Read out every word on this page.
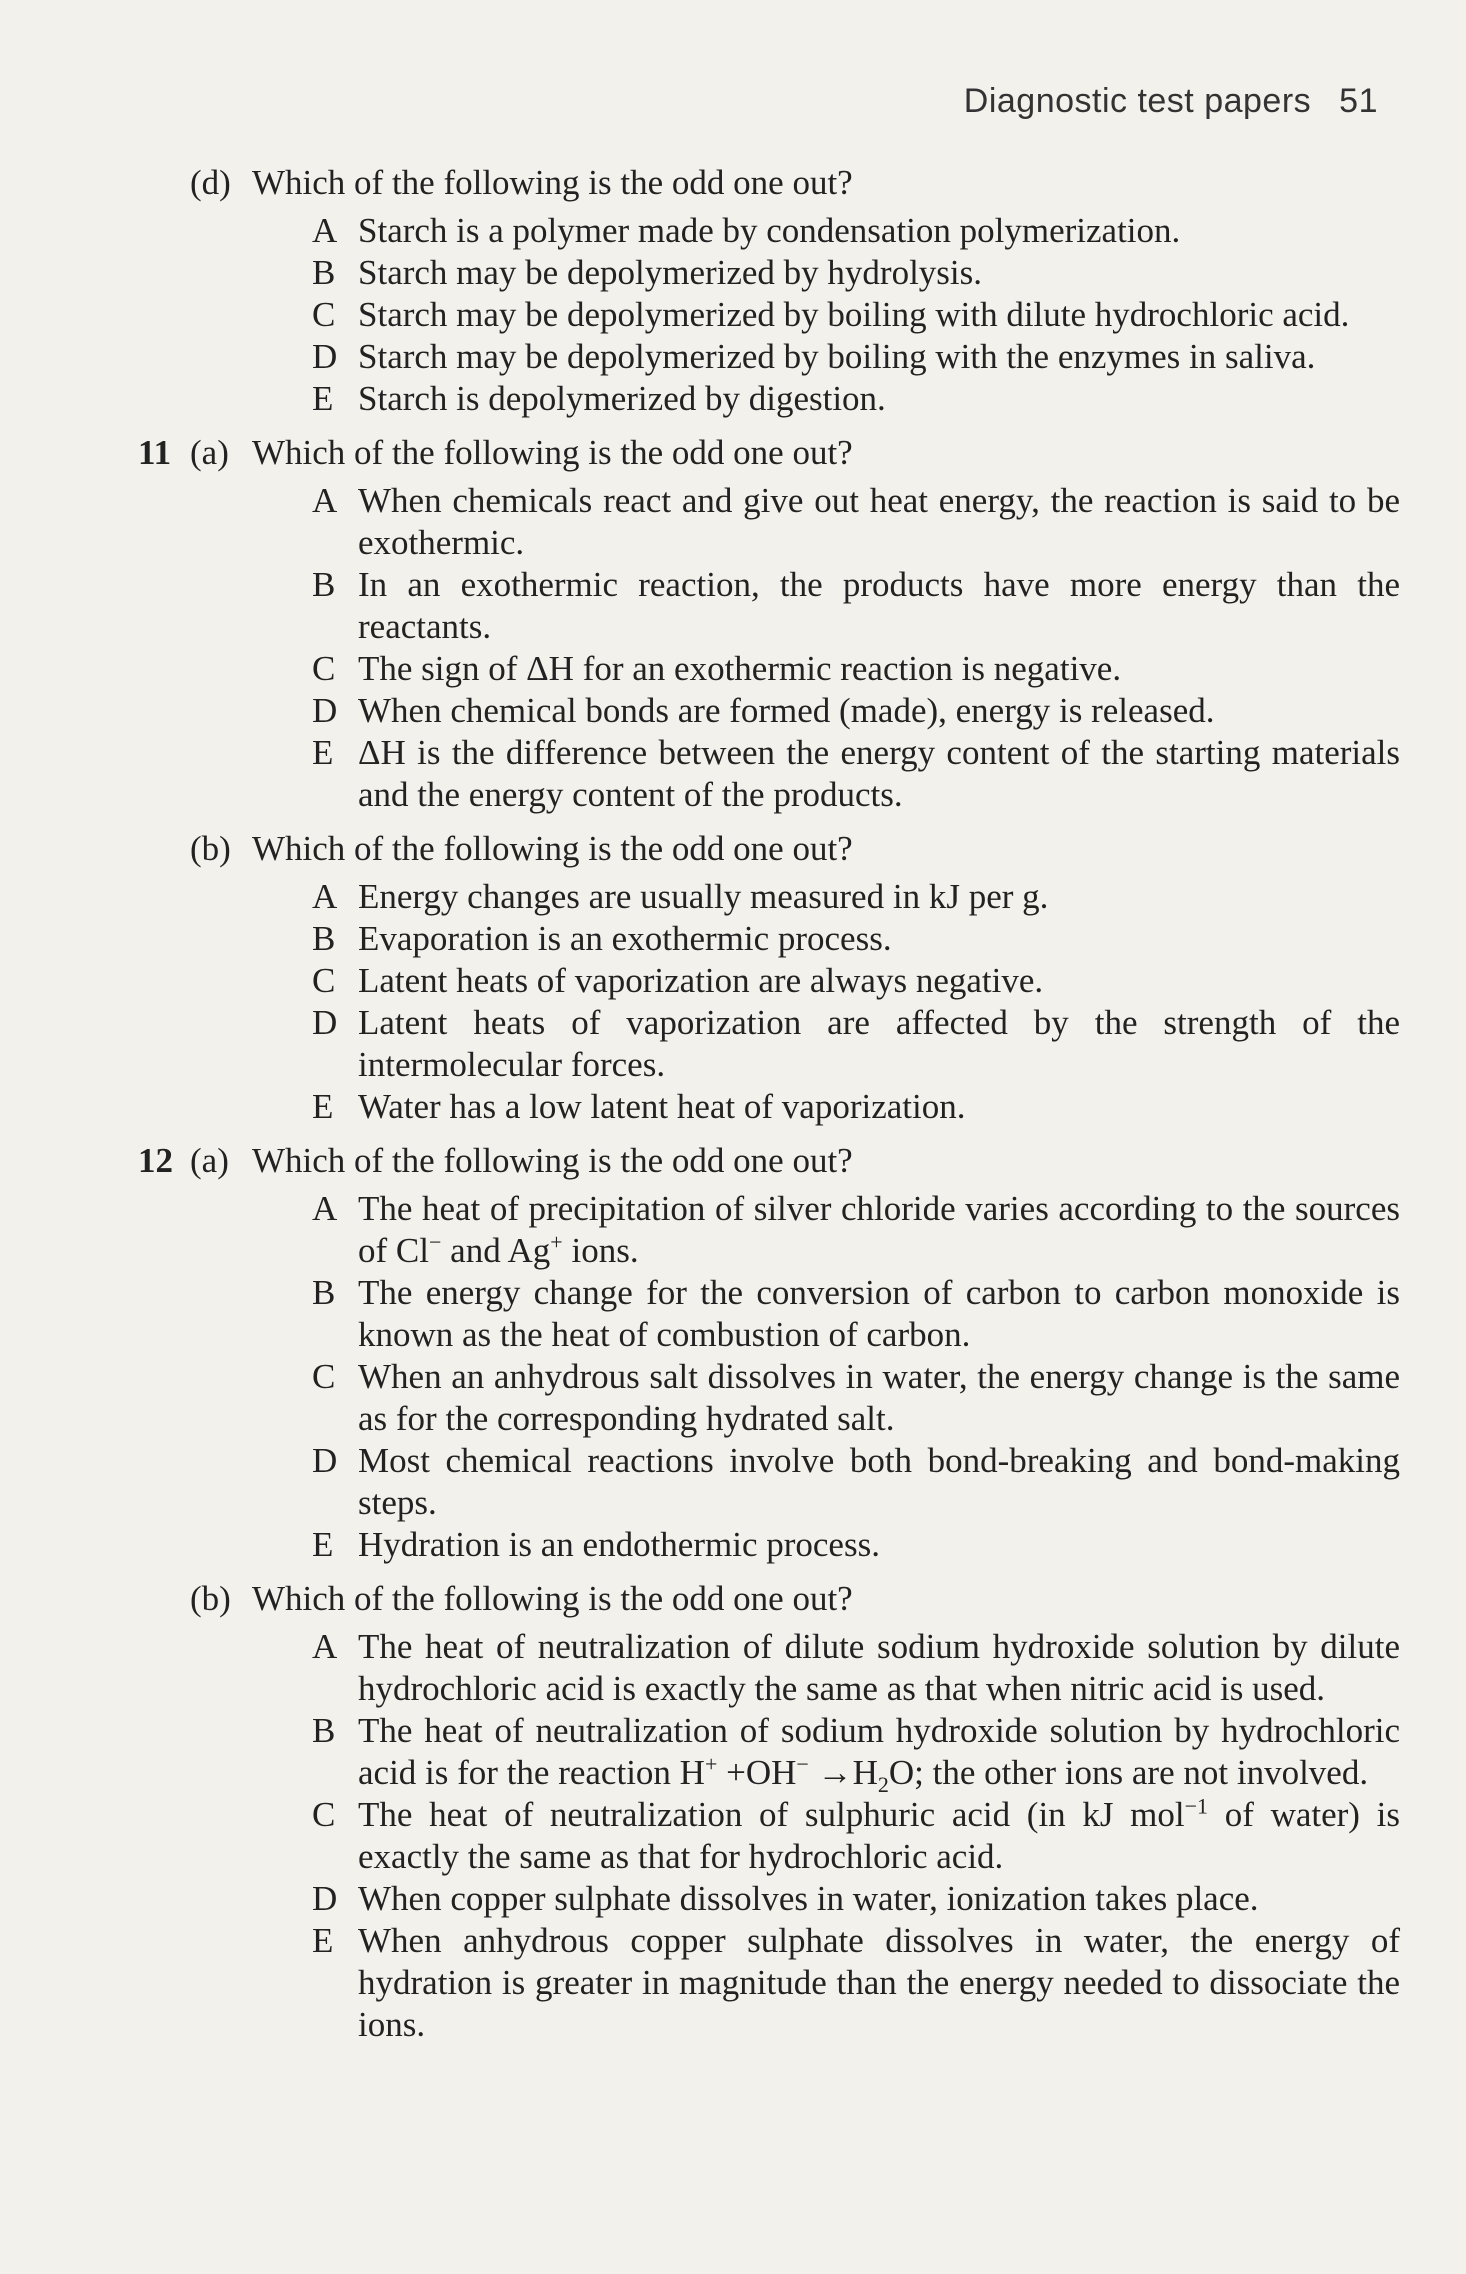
Diagnostic test papers 51
(d) Which of the following is the odd one out?
A Starch is a polymer made by condensation polymerization.
B Starch may be depolymerized by hydrolysis.
C Starch may be depolymerized by boiling with dilute hydrochloric acid.
D Starch may be depolymerized by boiling with the enzymes in saliva.
E Starch is depolymerized by digestion.
11 (a) Which of the following is the odd one out?
A When chemicals react and give out heat energy, the reaction is said to be exothermic.
B In an exothermic reaction, the products have more energy than the reactants.
C The sign of ΔH for an exothermic reaction is negative.
D When chemical bonds are formed (made), energy is released.
E ΔH is the difference between the energy content of the starting materials and the energy content of the products.
(b) Which of the following is the odd one out?
A Energy changes are usually measured in kJ per g.
B Evaporation is an exothermic process.
C Latent heats of vaporization are always negative.
D Latent heats of vaporization are affected by the strength of the intermolecular forces.
E Water has a low latent heat of vaporization.
12 (a) Which of the following is the odd one out?
A The heat of precipitation of silver chloride varies according to the sources of Cl− and Ag+ ions.
B The energy change for the conversion of carbon to carbon monoxide is known as the heat of combustion of carbon.
C When an anhydrous salt dissolves in water, the energy change is the same as for the corresponding hydrated salt.
D Most chemical reactions involve both bond-breaking and bond-making steps.
E Hydration is an endothermic process.
(b) Which of the following is the odd one out?
A The heat of neutralization of dilute sodium hydroxide solution by dilute hydrochloric acid is exactly the same as that when nitric acid is used.
B The heat of neutralization of sodium hydroxide solution by hydrochloric acid is for the reaction $H^+ +OH^- \to H_2O$; the other ions are not involved.
C The heat of neutralization of sulphuric acid (in kJ mol$^{-1}$ of water) is exactly the same as that for hydrochloric acid.
D When copper sulphate dissolves in water, ionization takes place.
E When anhydrous copper sulphate dissolves in water, the energy of hydration is greater in magnitude than the energy needed to dissociate the ions.
